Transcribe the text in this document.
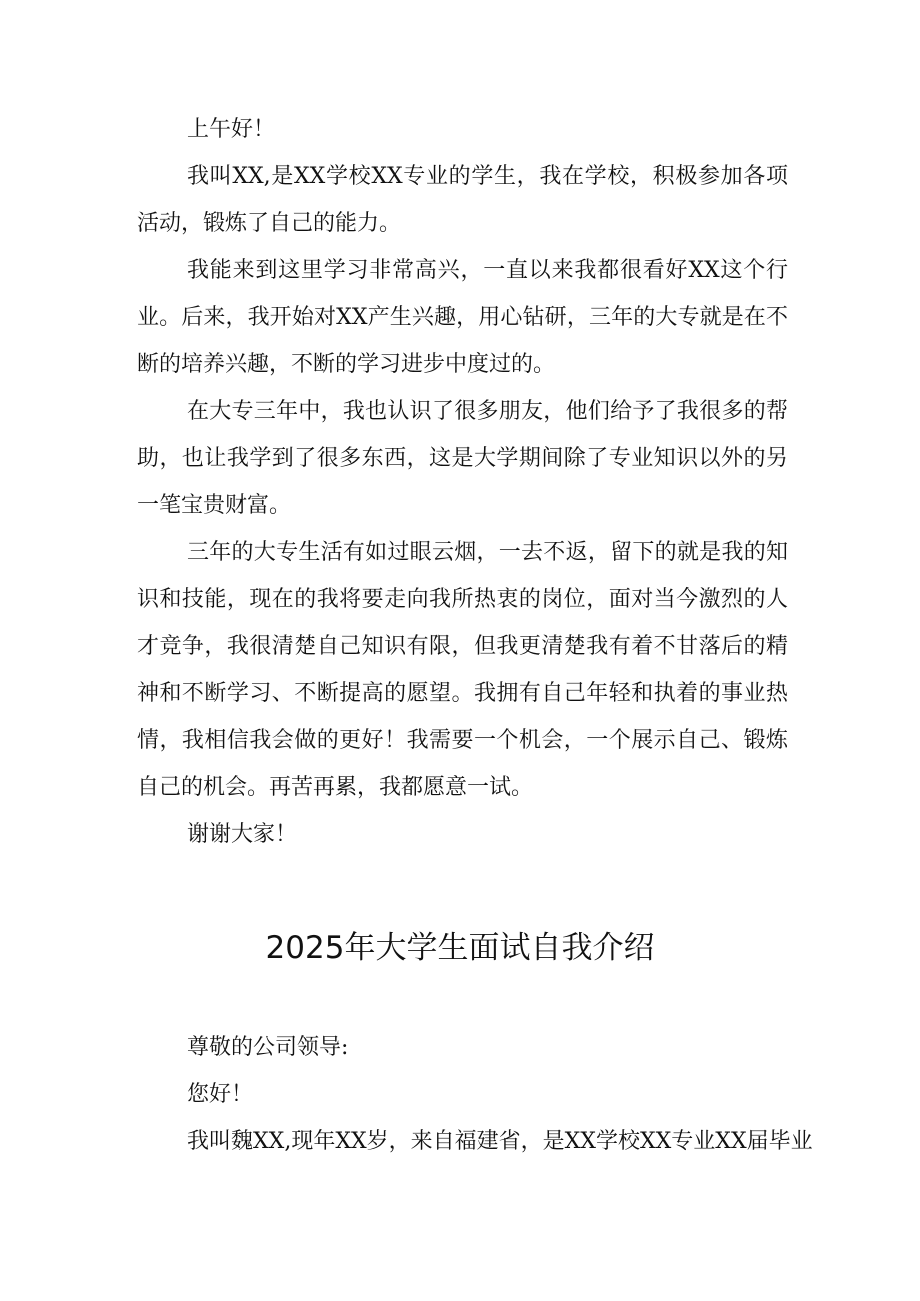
上午好！

我叫XX,是XX学校XX专业的学生，我在学校，积极参加各项活动，锻炼了自己的能力。

我能来到这里学习非常高兴，一直以来我都很看好XX这个行业。后来，我开始对XX产生兴趣，用心钻研，三年的大专就是在不断的培养兴趣，不断的学习进步中度过的。

在大专三年中，我也认识了很多朋友，他们给予了我很多的帮助，也让我学到了很多东西，这是大学期间除了专业知识以外的另一笔宝贵财富。

三年的大专生活有如过眼云烟，一去不返，留下的就是我的知识和技能，现在的我将要走向我所热衷的岗位，面对当今激烈的人才竞争，我很清楚自己知识有限，但我更清楚我有着不甘落后的精神和不断学习、不断提高的愿望。我拥有自己年轻和执着的事业热情，我相信我会做的更好！我需要一个机会，一个展示自己、锻炼自己的机会。再苦再累，我都愿意一试。

谢谢大家！

2025年大学生面试自我介绍

尊敬的公司领导:

您好！

我叫魏XX,现年XX岁，来自福建省，是XX学校XX专业XX届毕业
